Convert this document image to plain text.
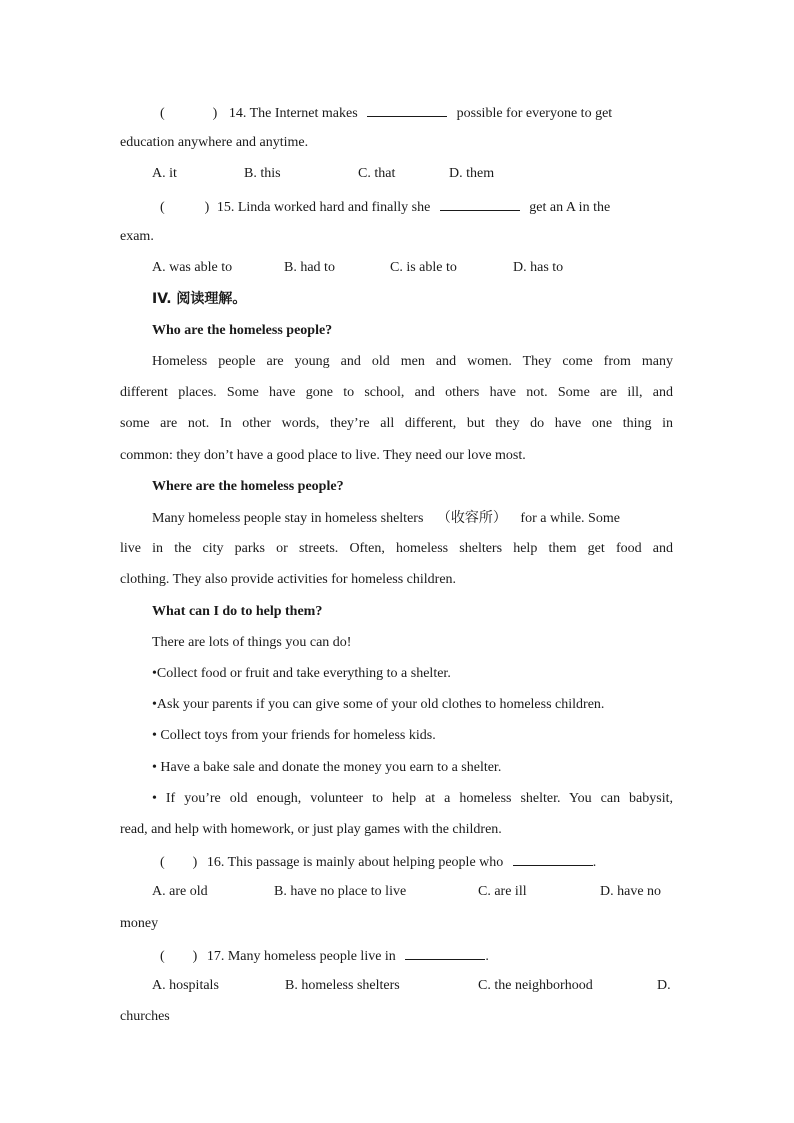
(	) 14. The Internet makes	possible for everyone to get
education anywhere and anytime.
A. it	B. this	C. that	D. them
(	) 15. Linda worked hard and finally she	get an A in the
exam.
A. was able to	B. had to	C. is able to	D. has to
IV. 阅读理解。
Who are the homeless people?
Homeless people are young and old men and women. They come from many
different places. Some have gone to school, and others have not. Some are ill, and
some are not. In other words, they’re all different, but they do have one thing in
common: they don’t have a good place to live. They need our love most.
Where are the homeless people?
Many homeless people stay in homeless shelters （收容所） for a while. Some
live in the city parks or streets. Often, homeless shelters help them get food and
clothing. They also provide activities for homeless children.
What can I do to help them?
There are lots of things you can do!
•Collect food or fruit and take everything to a shelter.
•Ask your parents if you can give some of your old clothes to homeless children.
• Collect toys from your friends for homeless kids.
• Have a bake sale and donate the money you earn to a shelter.
• If you’re old enough, volunteer to help at a homeless shelter. You can babysit,
read, and help with homework, or just play games with the children.
( ) 16. This passage is mainly about helping people who	.
A. are old	B. have no place to live	C. are ill	D. have no
money
( ) 17. Many homeless people live in	.
A. hospitals	B. homeless shelters	C. the neighborhood	D.
churches
